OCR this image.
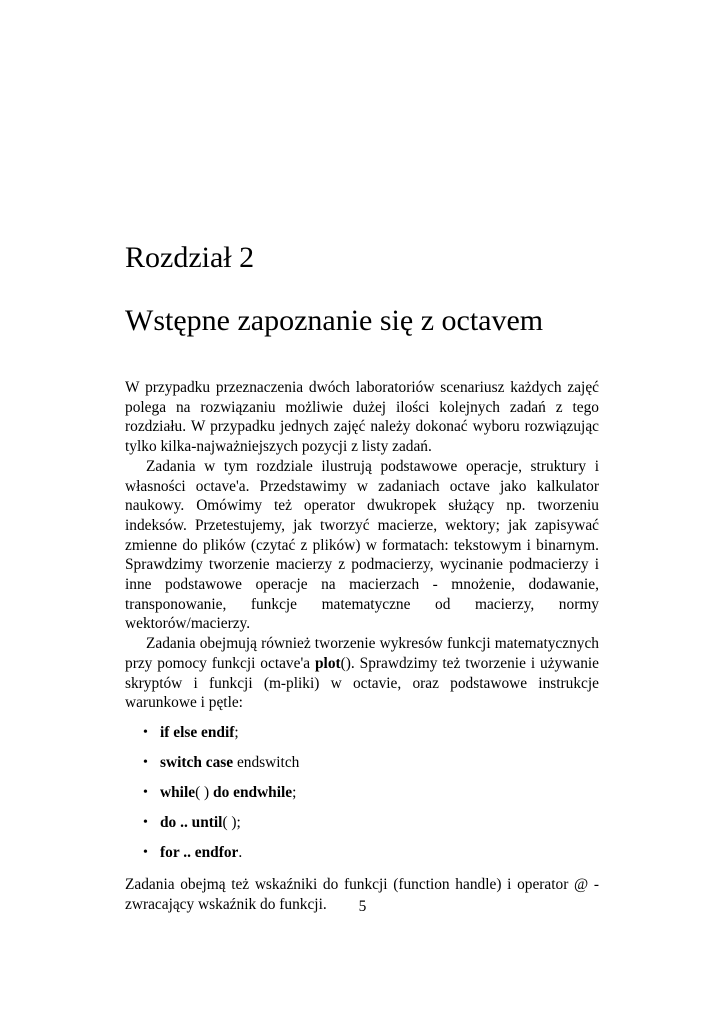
Rozdział 2
Wstępne zapoznanie się z octavem

W przypadku przeznaczenia dwóch laboratoriów scenariusz każdych zajęć polega na rozwiązaniu możliwie dużej ilości kolejnych zadań z tego rozdziału. W przypadku jednych zajęć należy dokonać wyboru rozwiązując tylko kilka-najważniejszych pozycji z listy zadań.

Zadania w tym rozdziale ilustrują podstawowe operacje, struktury i własności octave'a. Przedstawimy w zadaniach octave jako kalkulator naukowy. Omówimy też operator dwukropek służący np. tworzeniu indeksów. Przetestujemy, jak tworzyć macierze, wektory; jak zapisywać zmienne do plików (czytać z plików) w formatach: tekstowym i binarnym. Sprawdzimy tworzenie macierzy z podmacierzy, wycinanie podmacierzy i inne podstawowe operacje na macierzach - mnożenie, dodawanie, transponowanie, funkcje matematyczne od macierzy, normy wektorów/macierzy.

Zadania obejmują również tworzenie wykresów funkcji matematycznych przy pomocy funkcji octave'a plot(). Sprawdzimy też tworzenie i używanie skryptów i funkcji (m-pliki) w octavie, oraz podstawowe instrukcje warunkowe i pętle:

• if else endif;
• switch case endswitch
• while( ) do endwhile;
• do .. until( );
• for .. endfor.

Zadania obejmą też wskaźniki do funkcji (function handle) i operator @ - zwracający wskaźnik do funkcji.	5
